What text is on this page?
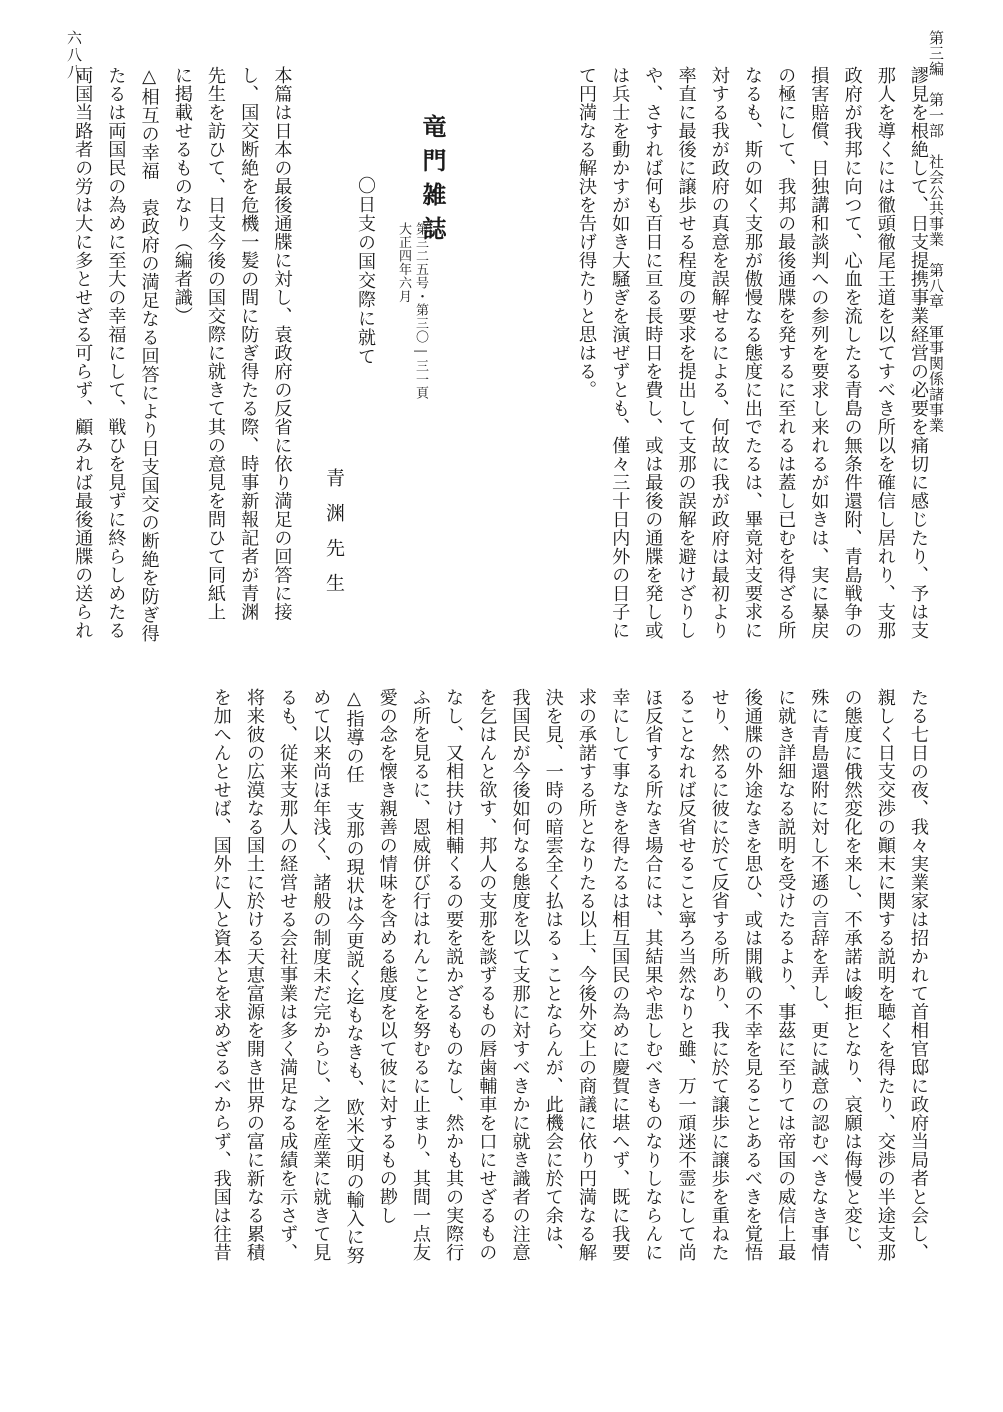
第三編　第一部　社会公共事業　第八章　軍事関係諸事業
六八八
謬見を根絶して、日支提携事業経営の必要を痛切に感じたり、予は支
那人を導くには徹頭徹尾王道を以てすべき所以を確信し居れり、支那
政府が我邦に向つて、心血を流したる青島の無条件還附、青島戦争の
損害賠償、日独講和談判への参列を要求し来れるが如きは、実に暴戻
の極にして、我邦の最後通牒を発するに至れるは蓋し已むを得ざる所
なるも、斯の如く支那が傲慢なる態度に出でたるは、畢竟対支要求に
対する我が政府の真意を誤解せるによる、何故に我が政府は最初より
率直に最後に譲歩せる程度の要求を提出して支那の誤解を避けざりし
や、さすれば何も百日に亘る長時日を費し、或は最後の通牒を発し或
は兵士を動かすが如き大騒ぎを演ぜずとも、僅々三十日内外の日子に
て円満なる解決を告げ得たりと思はる。
竜門雑誌
第三二五号・第三〇―三一頁
大正四年六月
〇日支の国交際に就て
青渊先生
本篇は日本の最後通牒に対し、袁政府の反省に依り満足の回答に接
し、国交断絶を危機一髪の間に防ぎ得たる際、時事新報記者が青渊
先生を訪ひて、日支今後の国交際に就きて其の意見を問ひて同紙上
に掲載せるものなり（編者識）
△相互の幸福　袁政府の満足なる回答により日支国交の断絶を防ぎ得
たるは両国民の為めに至大の幸福にして、戦ひを見ずに終らしめたる
両国当路者の労は大に多とせざる可らず、顧みれば最後通牒の送られ
たる七日の夜、我々実業家は招かれて首相官邸に政府当局者と会し、
親しく日支交渉の顚末に関する説明を聴くを得たり、交渉の半途支那
の態度に俄然変化を来し、不承諾は峻拒となり、哀願は侮慢と変じ、
殊に青島還附に対し不遜の言辞を弄し、更に誠意の認むべきなき事情
に就き詳細なる説明を受けたるより、事茲に至りては帝国の威信上最
後通牒の外途なきを思ひ、或は開戦の不幸を見ることあるべきを覚悟
せり、然るに彼に於て反省する所あり、我に於て譲歩に譲歩を重ねた
ることなれば反省せること寧ろ当然なりと雖、万一頑迷不霊にして尚
ほ反省する所なき場合には、其結果や悲しむべきものなりしならんに
幸にして事なきを得たるは相互国民の為めに慶賀に堪へず、既に我要
求の承諾する所となりたる以上、今後外交上の商議に依り円満なる解
決を見、一時の暗雲全く払はるゝことならんが、此機会に於て余は、
我国民が今後如何なる態度を以て支那に対すべきかに就き識者の注意
を乞はんと欲す、邦人の支那を談ずるもの唇歯輔車を口にせざるもの
なし、又相扶け相輔くるの要を説かざるものなし、然かも其の実際行
ふ所を見るに、恩威併び行はれんことを努むるに止まり、其間一点友
愛の念を懐き親善の情味を含める態度を以て彼に対するもの尠し
△指導の任　支那の現状は今更説く迄もなきも、欧米文明の輸入に努
めて以来尚ほ年浅く、諸般の制度未だ完からじ、之を産業に就きて見
るも、従来支那人の経営せる会社事業は多く満足なる成績を示さず、
将来彼の広漠なる国土に於ける天恵富源を開き世界の富に新なる累積
を加へんとせば、国外に人と資本とを求めざるべからず、我国は往昔
